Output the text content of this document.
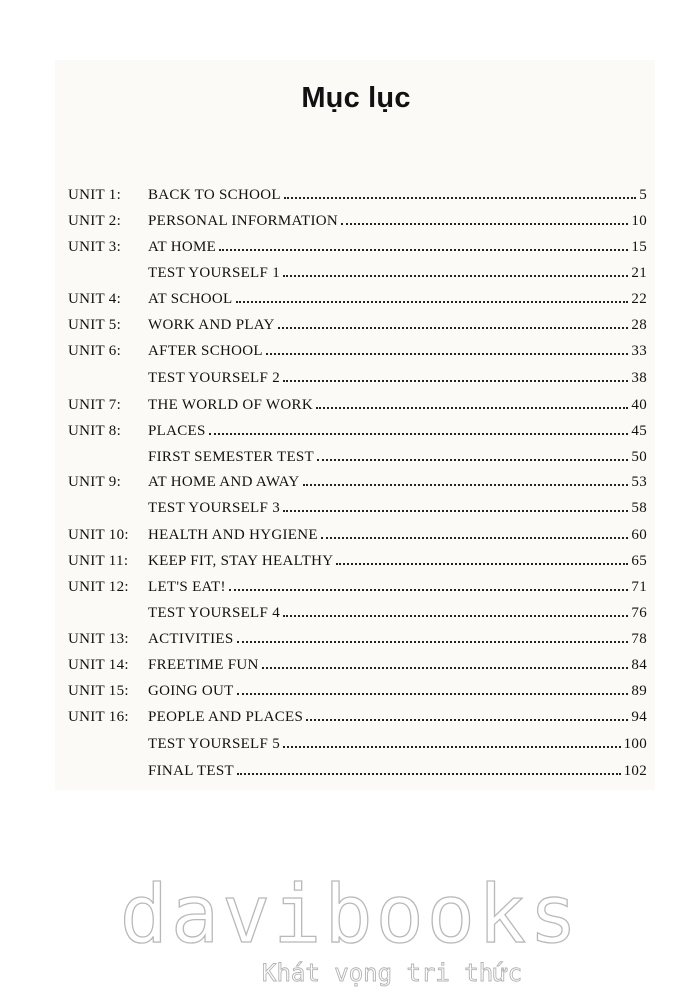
Mục lục
UNIT 1: BACK TO SCHOOL	5
UNIT 2: PERSONAL INFORMATION	10
UNIT 3: AT HOME	15
TEST YOURSELF 1	21
UNIT 4: AT SCHOOL	22
UNIT 5: WORK AND PLAY	28
UNIT 6: AFTER SCHOOL	33
TEST YOURSELF 2	38
UNIT 7: THE WORLD OF WORK	40
UNIT 8: PLACES	45
FIRST SEMESTER TEST	50
UNIT 9: AT HOME AND AWAY	53
TEST YOURSELF 3	58
UNIT 10: HEALTH AND HYGIENE	60
UNIT 11: KEEP FIT, STAY HEALTHY	65
UNIT 12: LET'S EAT!	71
TEST YOURSELF 4	76
UNIT 13: ACTIVITIES	78
UNIT 14: FREETIME FUN	84
UNIT 15: GOING OUT	89
UNIT 16: PEOPLE AND PLACES	94
TEST YOURSELF 5	100
FINAL TEST	102
davibooks
Khát vọng tri thức
